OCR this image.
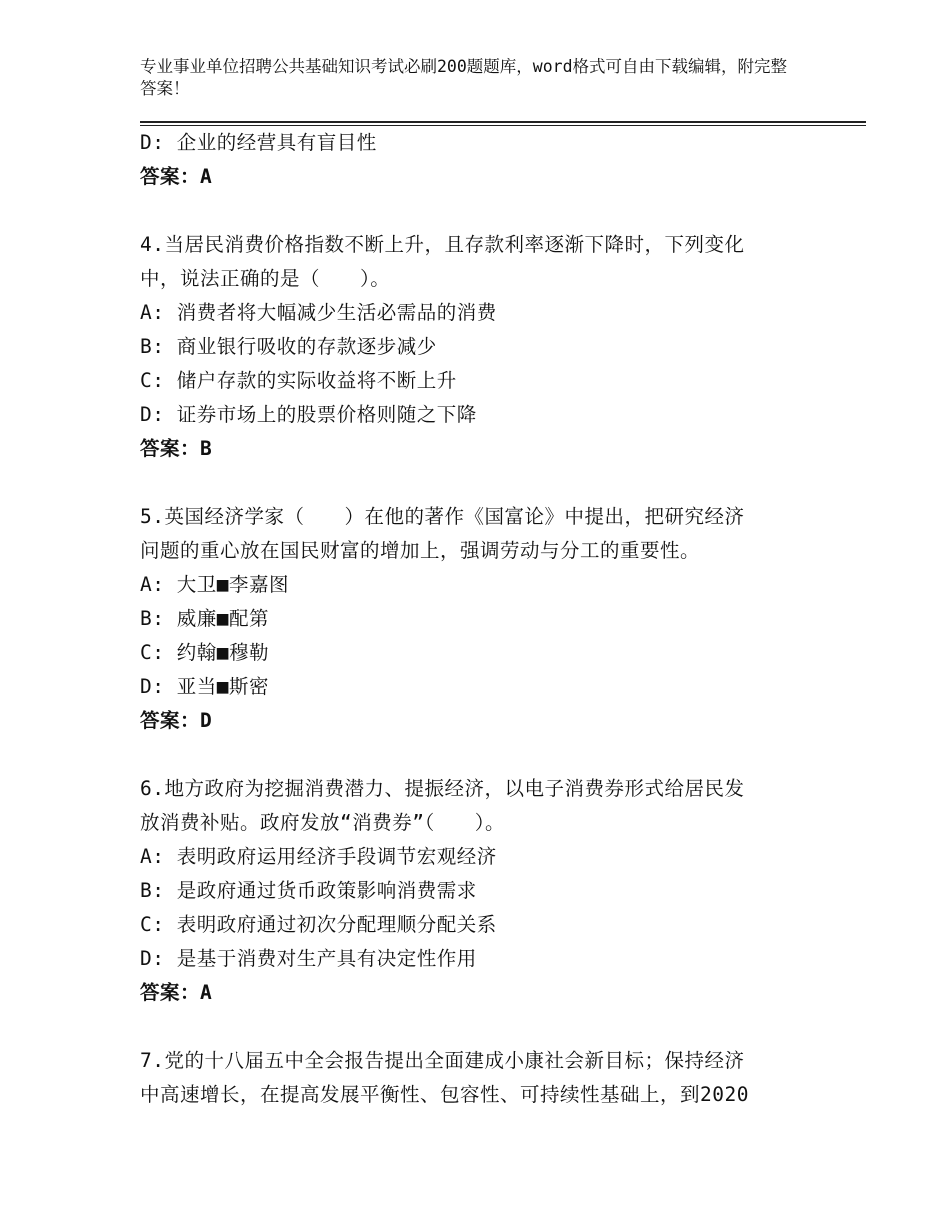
专业事业单位招聘公共基础知识考试必刷200题题库，word格式可自由下载编辑，附完整答案！
D: 企业的经营具有盲目性
答案：A
4.当居民消费价格指数不断上升，且存款利率逐渐下降时，下列变化
中，说法正确的是（　　）。
A: 消费者将大幅减少生活必需品的消费
B: 商业银行吸收的存款逐步减少
C: 储户存款的实际收益将不断上升
D: 证券市场上的股票价格则随之下降
答案：B
5.英国经济学家（　　）在他的著作《国富论》中提出，把研究经济
问题的重心放在国民财富的增加上，强调劳动与分工的重要性。
A: 大卫■李嘉图
B: 威廉■配第
C: 约翰■穆勒
D: 亚当■斯密
答案：D
6.地方政府为挖掘消费潜力、提振经济，以电子消费券形式给居民发
放消费补贴。政府发放“消费券”（　　）。
A: 表明政府运用经济手段调节宏观经济
B: 是政府通过货币政策影响消费需求
C: 表明政府通过初次分配理顺分配关系
D: 是基于消费对生产具有决定性作用
答案：A
7.党的十八届五中全会报告提出全面建成小康社会新目标；保持经济
中高速增长，在提高发展平衡性、包容性、可持续性基础上，到2020
